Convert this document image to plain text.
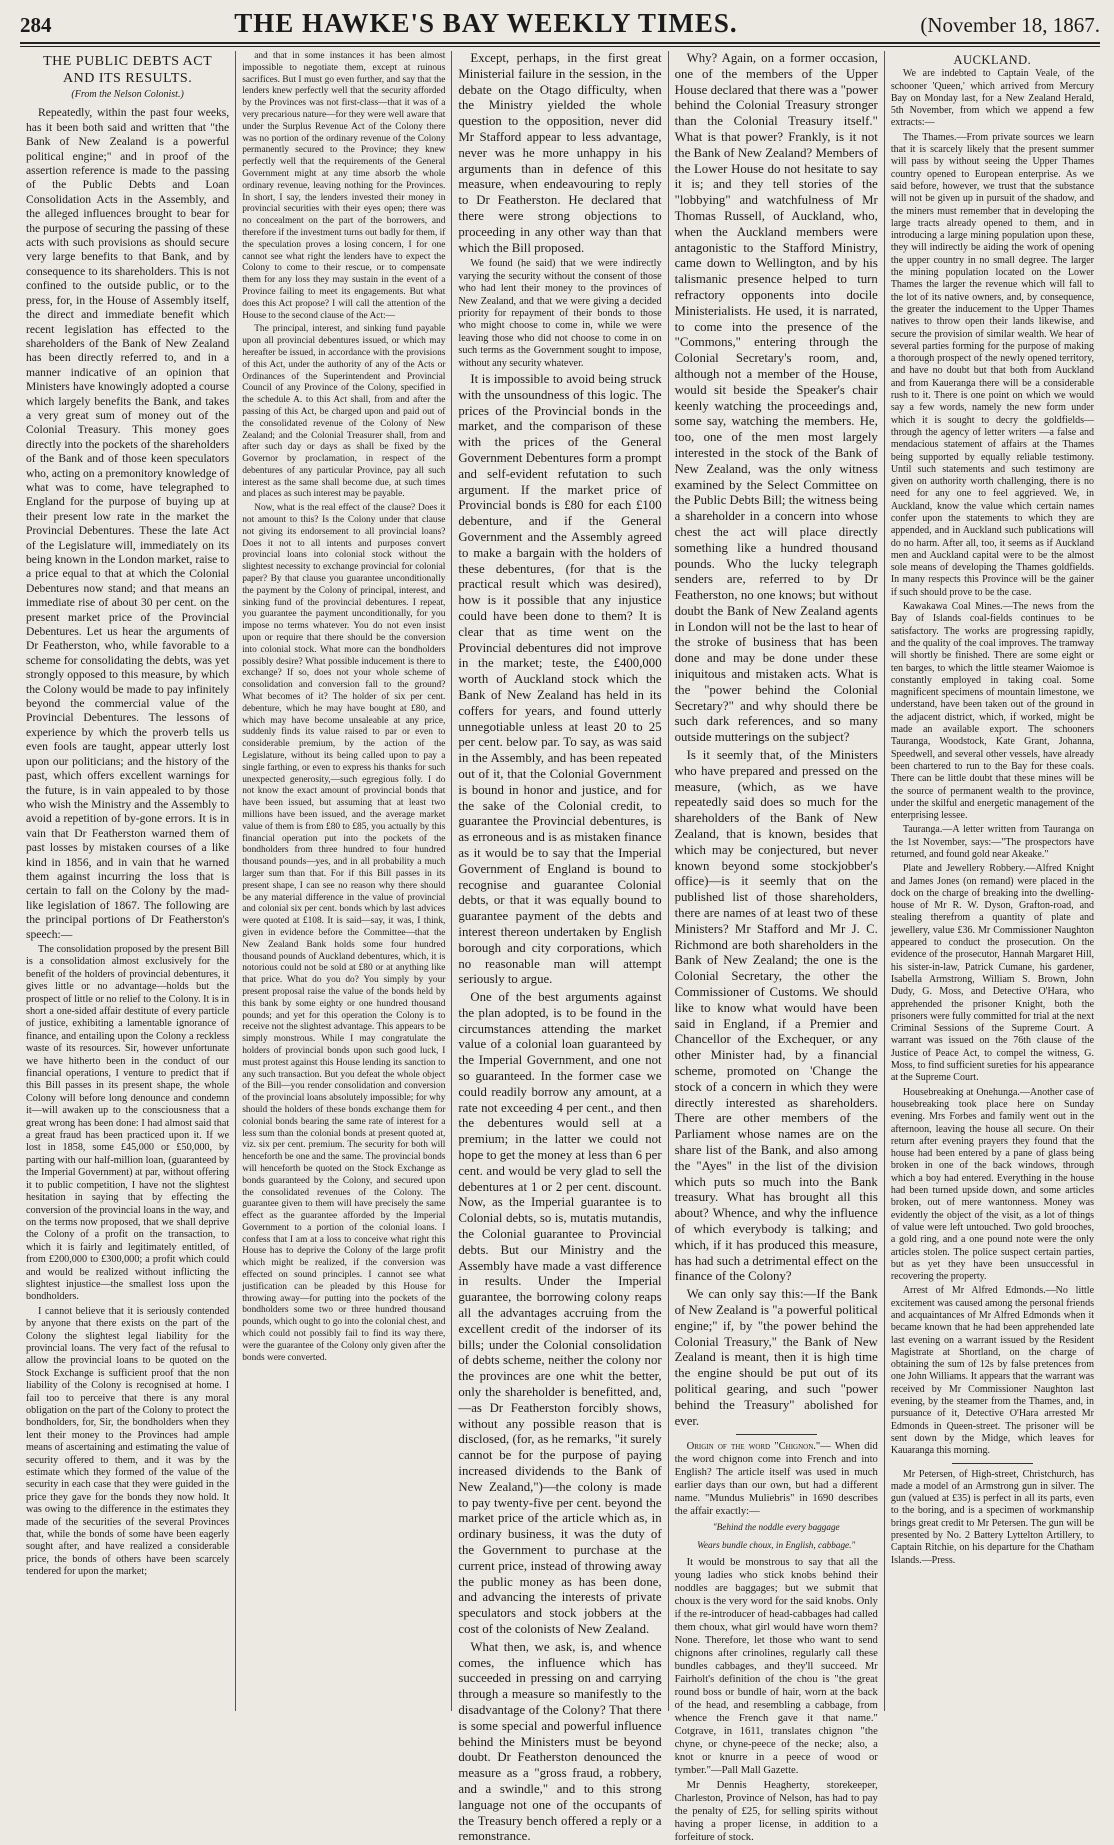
284	THE HAWKE'S BAY WEEKLY TIMES.	(November 18, 1867.
THE PUBLIC DEBTS ACT AND ITS RESULTS.
(From the Nelson Colonist.)

Repeatedly, within the past four weeks, has it been both said and written that "the Bank of New Zealand is a powerful political engine;" and in proof of the assertion reference is made to the passing of the Public Debts and Loan Consolidation Acts in the Assembly, and the alleged influences brought to bear for the purpose of securing the passing of these acts with such provisions as should secure very large benefits to that Bank, and by consequence to its shareholders. This is not confined to the outside public, or to the press, for, in the House of Assembly itself, the direct and immediate benefit which recent legislation has effected to the shareholders of the Bank of New Zealand has been directly referred to, and in a manner indicative of an opinion that Ministers have knowingly adopted a course which largely benefits the Bank, and takes a very great sum of money out of the Colonial Treasury. This money goes directly into the pockets of the shareholders of the Bank and of those keen speculators who, acting on a premonitory knowledge of what was to come, have telegraphed to England for the purpose of buying up at their present low rate in the market the Provincial Debentures. These the late Act of the Legislature will, immediately on its being known in the London market, raise to a price equal to that at which the Colonial Debentures now stand; and that means an immediate rise of about 30 per cent. on the present market price of the Provincial Debentures. Let us hear the arguments of Dr Featherston, who, while favorable to a scheme for consolidating the debts, was yet strongly opposed to this measure, by which the Colony would be made to pay infinitely beyond the commercial value of the Provincial Debentures. The lessons of experience by which the proverb tells us even fools are taught, appear utterly lost upon our politicians; and the history of the past, which offers excellent warnings for the future, is in vain appealed to by those who wish the Ministry and the Assembly to avoid a repetition of by-gone errors. It is in vain that Dr Featherston warned them of past losses by mistaken courses of a like kind in 1856, and in vain that he warned them against incurring the loss that is certain to fall on the Colony by the mad-like legislation of 1867. The following are the principal portions of Dr Featherston's speech:—

The consolidation proposed by the present Bill is a consolidation almost exclusively for the benefit of the holders of provincial debentures, it gives little or no advantage—holds but the prospect of little or no relief to the Colony. It is in short a one-sided affair destitute of every particle of justice, exhibiting a lamentable ignorance of finance, and entailing upon the Colony a reckless waste of its resources. Sir, however unfortunate we have hitherto been in the conduct of our financial operations, I venture to predict that if this Bill passes in its present shape, the whole Colony will before long denounce and condemn it—will awaken up to the consciousness that a great wrong has been done: I had almost said that a great fraud has been practiced upon it. If we lost in 1858, some £45,000 or £50,000, by parting with our half-million loan, (guaranteed by the Imperial Government) at par, without offering it to public competition, I have not the slightest hesitation in saying that by effecting the conversion of the provincial loans in the way, and on the terms now proposed, that we shall deprive the Colony of a profit on the transaction, to which it is fairly and legitimately entitled, of from £200,000 to £300,000; a profit which could and would be realized without inflicting the slightest injustice—the smallest loss upon the bondholders.

I cannot believe that it is seriously contended by anyone that there exists on the part of the Colony the slightest legal liability for the provincial loans. The very fact of the refusal to allow the provincial loans to be quoted on the Stock Exchange is sufficient proof that the non liability of the Colony is recognised at home. I fail too to perceive that there is any moral obligation on the part of the Colony to protect the bondholders, for, Sir, the bondholders when they lent their money to the Provinces had ample means of ascertaining and estimating the value of security offered to them, and it was by the estimate which they formed of the value of the security in each case that they were guided in the price they gave for the bonds they now hold. It was owing to the difference in the estimates they made of the securities of the several Provinces that, while the bonds of some have been eagerly sought after, and have realized a considerable price, the bonds of others have been scarcely tendered for upon the market;

and that in some instances it has been almost impossible to negotiate them, except at ruinous sacrifices. But I must go even further, and say that the lenders knew perfectly well that the security afforded by the Provinces was not first-class—that it was of a very precarious nature—for they were well aware that under the Surplus Revenue Act of the Colony there was no portion of the ordinary revenue of the Colony permanently secured to the Province; they knew perfectly well that the requirements of the General Government might at any time absorb the whole ordinary revenue, leaving nothing for the Provinces. In short, I say, the lenders invested their money in provincial securities with their eyes open; there was no concealment on the part of the borrowers, and therefore if the investment turns out badly for them, if the speculation proves a losing concern, I for one cannot see what right the lenders have to expect the Colony to come to their rescue, or to compensate them for any loss they may sustain in the event of a Province failing to meet its engagements. But what does this Act propose? I will call the attention of the House to the second clause of the Act:—

The principal, interest, and sinking fund payable upon all provincial debentures issued, or which may hereafter be issued, in accordance with the provisions of this Act, under the authority of any of the Acts or Ordinances of the Superintendent and Provincial Council of any Province of the Colony, specified in the schedule A. to this Act shall, from and after the passing of this Act, be charged upon and paid out of the consolidated revenue of the Colony of New Zealand; and the Colonial Treasurer shall, from and after such day or days as shall be fixed by the Governor by proclamation, in respect of the debentures of any particular Province, pay all such interest as the same shall become due, at such times and places as such interest may be payable.

Now, what is the real effect of the clause? Does it not amount to this? Is the Colony under that clause not giving its endorsement to all provincial loans? Does it not to all intents and purposes convert provincial loans into colonial stock without the slightest necessity to exchange provincial for colonial paper? By that clause you guarantee unconditionally the payment by the Colony of principal, interest, and sinking fund of the provincial debentures. I repeat, you guarantee the payment unconditionally, for you impose no terms whatever. You do not even insist upon or require that there should be the conversion into colonial stock. What more can the bondholders possibly desire? What possible inducement is there to exchange? If so, does not your whole scheme of consolidation and conversion fall to the ground? What becomes of it? The holder of six per cent. debenture, which he may have bought at £80, and which may have become unsaleable at any price, suddenly finds its value raised to par or even to considerable premium, by the action of the Legislature, without its being called upon to pay a single farthing, or even to express his thanks for such unexpected generosity,—such egregious folly. I do not know the exact amount of provincial bonds that have been issued, but assuming that at least two millions have been issued, and the average market value of them is from £80 to £85, you actually by this financial operation put into the pockets of the bondholders from three hundred to four hundred thousand pounds—yes, and in all probability a much larger sum than that. For if this Bill passes in its present shape, I can see no reason why there should be any material difference in the value of provincial and colonial six per cent. bonds which by last advices were quoted at £108. It is said—say, it was, I think, given in evidence before the Committee—that the New Zealand Bank holds some four hundred thousand pounds of Auckland debentures, which, it is notorious could not be sold at £80 or at anything like that price. What do you do? You simply by your present proposal raise the value of the bonds held by this bank by some eighty or one hundred thousand pounds; and yet for this operation the Colony is to receive not the slightest advantage. This appears to be simply monstrous. While I may congratulate the holders of provincial bonds upon such good luck, I must protest against this House lending its sanction to any such transaction. But you defeat the whole object of the Bill—you render consolidation and conversion of the provincial loans absolutely impossible; for why should the holders of these bonds exchange them for colonial bonds bearing the same rate of interest for a less sum than the colonial bonds at present quoted at, viz. six per cent. premium. The security for both will henceforth be one and the same. The provincial bonds will henceforth be quoted on the Stock Exchange as bonds guaranteed by the Colony, and secured upon the consolidated revenues of the Colony. The guarantee given to them will have precisely the same effect as the guarantee afforded by the Imperial Government to a portion of the colonial loans. I confess that I am at a loss to conceive what right this House has to deprive the Colony of the large profit which might be realized, if the conversion was effected on sound principles. I cannot see what justification can be pleaded by this House for throwing away—for putting into the pockets of the bondholders some two or three hundred thousand pounds, which ought to go into the colonial chest, and which could not possibly fail to find its way there, were the guarantee of the Colony only given after the bonds were converted.

Except, perhaps, in the first great Ministerial failure in the session, in the debate on the Otago difficulty, when the Ministry yielded the whole question to the opposition, never did Mr Stafford appear to less advantage, never was he more unhappy in his arguments than in defence of this measure, when endeavouring to reply to Dr Featherston. He declared that there were strong objections to proceeding in any other way than that which the Bill proposed.

We found (he said) that we were indirectly varying the security without the consent of those who had lent their money to the provinces of New Zealand, and that we were giving a decided priority for repayment of their bonds to those who might choose to come in, while we were leaving those who did not choose to come in on such terms as the Government sought to impose, without any security whatever.

It is impossible to avoid being struck with the unsoundness of this logic. The prices of the Provincial bonds in the market, and the comparison of these with the prices of the General Government Debentures form a prompt and self-evident refutation to such argument. If the market price of Provincial bonds is £80 for each £100 debenture, and if the General Government and the Assembly agreed to make a bargain with the holders of these debentures, (for that is the practical result which was desired), how is it possible that any injustice could have been done to them? It is clear that as time went on the Provincial debentures did not improve in the market; teste, the £400,000 worth of Auckland stock which the Bank of New Zealand has held in its coffers for years, and found utterly unnegotiable unless at least 20 to 25 per cent. below par. To say, as was said in the Assembly, and has been repeated out of it, that the Colonial Government is bound in honor and justice, and for the sake of the Colonial credit, to guarantee the Provincial debentures, is as erroneous and is as mistaken finance as it would be to say that the Imperial Government of England is bound to recognise and guarantee Colonial debts, or that it was equally bound to guarantee payment of the debts and interest thereon undertaken by English borough and city corporations, which no reasonable man will attempt seriously to argue.

One of the best arguments against the plan adopted, is to be found in the circumstances attending the market value of a colonial loan guaranteed by the Imperial Government, and one not so guaranteed. In the former case we could readily borrow any amount, at a rate not exceeding 4 per cent., and then the debentures would sell at a premium; in the latter we could not hope to get the money at less than 6 per cent. and would be very glad to sell the debentures at 1 or 2 per cent. discount. Now, as the Imperial guarantee is to Colonial debts, so is, mutatis mutandis, the Colonial guarantee to Provincial debts. But our Ministry and the Assembly have made a vast difference in results. Under the Imperial guarantee, the borrowing colony reaps all the advantages accruing from the excellent credit of the indorser of its bills; under the Colonial consolidation of debts scheme, neither the colony nor the provinces are one whit the better, only the shareholder is benefitted, and,—as Dr Featherston forcibly shows, without any possible reason that is disclosed, (for, as he remarks, "it surely cannot be for the purpose of paying increased dividends to the Bank of New Zealand,")—the colony is made to pay twenty-five per cent. beyond the market price of the article which as, in ordinary business, it was the duty of the Government to purchase at the current price, instead of throwing away the public money as has been done, and advancing the interests of private speculators and stock jobbers at the cost of the colonists of New Zealand.

What then, we ask, is, and whence comes, the influence which has succeeded in pressing on and carrying through a measure so manifestly to the disadvantage of the Colony? That there is some special and powerful influence behind the Ministers must be beyond doubt. Dr Featherston denounced the measure as a "gross fraud, a robbery, and a swindle," and to this strong language not one of the occupants of the Treasury bench offered a reply or a remonstrance.

Why? Again, on a former occasion, one of the members of the Upper House declared that there was a "power behind the Colonial Treasury stronger than the Colonial Treasury itself." What is that power? Frankly, is it not the Bank of New Zealand? Members of the Lower House do not hesitate to say it is; and they tell stories of the "lobbying" and watchfulness of Mr Thomas Russell, of Auckland, who, when the Auckland members were antagonistic to the Stafford Ministry, came down to Wellington, and by his talismanic presence helped to turn refractory opponents into docile Ministerialists. He used, it is narrated, to come into the presence of the "Commons," entering through the Colonial Secretary's room, and, although not a member of the House, would sit beside the Speaker's chair keenly watching the proceedings and, some say, watching the members. He, too, one of the men most largely interested in the stock of the Bank of New Zealand, was the only witness examined by the Select Committee on the Public Debts Bill; the witness being a shareholder in a concern into whose chest the act will place directly something like a hundred thousand pounds. Who the lucky telegraph senders are, referred to by Dr Featherston, no one knows; but without doubt the Bank of New Zealand agents in London will not be the last to hear of the stroke of business that has been done and may be done under these iniquitous and mistaken acts. What is the "power behind the Colonial Secretary?" and why should there be such dark references, and so many outside mutterings on the subject?

Is it seemly that, of the Ministers who have prepared and pressed on the measure, (which, as we have repeatedly said does so much for the shareholders of the Bank of New Zealand, that is known, besides that which may be conjectured, but never known beyond some stockjobber's office)—is it seemly that on the published list of those shareholders, there are names of at least two of these Ministers? Mr Stafford and Mr J. C. Richmond are both shareholders in the Bank of New Zealand; the one is the Colonial Secretary, the other the Commissioner of Customs. We should like to know what would have been said in England, if a Premier and Chancellor of the Exchequer, or any other Minister had, by a financial scheme, promoted on 'Change the stock of a concern in which they were directly interested as shareholders. There are other members of the Parliament whose names are on the share list of the Bank, and also among the "Ayes" in the list of the division which puts so much into the Bank treasury. What has brought all this about? Whence, and why the influence of which everybody is talking; and which, if it has produced this measure, has had such a detrimental effect on the finance of the Colony?

We can only say this:—If the Bank of New Zealand is "a powerful political engine;" if, by "the power behind the Colonial Treasury," the Bank of New Zealand is meant, then it is high time the engine should be put out of its political gearing, and such "power behind the Treasury" abolished for ever.

Origin of the word "Chignon."— When did the word chignon come into French and into English? The article itself was used in much earlier days than our own, but had a different name. "Mundus Muliebris" in 1690 describes the affair exactly:—

"Behind the noddle every baggage
Wears bundle choux, in English, cabbage."

It would be monstrous to say that all the young ladies who stick knobs behind their noddles are baggages; but we submit that choux is the very word for the said knobs. Only if the re-introducer of head-cabbages had called them choux, what girl would have worn them? None. Therefore, let those who want to send chignons after crinolines, regularly call these bundles cabbages, and they'll succeed. Mr Fairholt's definition of the chou is "the great round boss or bundle of hair, worn at the back of the head, and resembling a cabbage, from whence the French gave it that name." Cotgrave, in 1611, translates chignon "the chyne, or chyne-peece of the necke; also, a knot or knurre in a peece of wood or tymber."—Pall Mall Gazette.

Mr Dennis Heagherty, storekeeper, Charleston, Province of Nelson, has had to pay the penalty of £25, for selling spirits without having a proper license, in addition to a forfeiture of stock.

AUCKLAND.

We are indebted to Captain Veale, of the schooner 'Queen,' which arrived from Mercury Bay on Monday last, for a New Zealand Herald, 5th November, from which we append a few extracts:—

The Thames.—From private sources we learn that it is scarcely likely that the present summer will pass by without seeing the Upper Thames country opened to European enterprise. As we said before, however, we trust that the substance will not be given up in pursuit of the shadow, and the miners must remember that in developing the large tracts already opened to them, and in introducing a large mining population upon these, they will indirectly be aiding the work of opening the upper country in no small degree. The larger the mining population located on the Lower Thames the larger the revenue which will fall to the lot of its native owners, and, by consequence, the greater the inducement to the Upper Thames natives to throw open their lands likewise, and secure the provision of similar wealth. We hear of several parties forming for the purpose of making a thorough prospect of the newly opened territory, and have no doubt but that both from Auckland and from Kaueranga there will be a considerable rush to it. There is one point on which we would say a few words, namely the new form under which it is sought to decry the goldfields—through the agency of letter writers —a false and mendacious statement of affairs at the Thames being supported by equally reliable testimony. Until such statements and such testimony are given on authority worth challenging, there is no need for any one to feel aggrieved. We, in Auckland, know the value which certain names confer upon the statements to which they are appended, and in Auckland such publications will do no harm. After all, too, it seems as if Auckland men and Auckland capital were to be the almost sole means of developing the Thames goldfields. In many respects this Province will be the gainer if such should prove to be the case.

Kawakawa Coal Mines.—The news from the Bay of Islands coal-fields continues to be satisfactory. The works are progressing rapidly, and the quality of the coal improves. The tramway will shortly be finished. There are some eight or ten barges, to which the little steamer Waiomoe is constantly employed in taking coal. Some magnificent specimens of mountain limestone, we understand, have been taken out of the ground in the adjacent district, which, if worked, might be made an available export. The schooners Tauranga, Woodstock, Kate Grant, Johanna, Speedwell, and several other vessels, have already been chartered to run to the Bay for these coals. There can be little doubt that these mines will be the source of permanent wealth to the province, under the skilful and energetic management of the enterprising lessee.

Tauranga.—A letter written from Tauranga on the 1st November, says:—"The prospectors have returned, and found gold near Akeake."

Plate and Jewellery Robbery.—Alfred Knight and James Jones (on remand) were placed in the dock on the charge of breaking into the dwelling-house of Mr R. W. Dyson, Grafton-road, and stealing therefrom a quantity of plate and jewellery, value £36. Mr Commissioner Naughton appeared to conduct the prosecution. On the evidence of the prosecutor, Hannah Margaret Hill, his sister-in-law, Patrick Cumane, his gardener, Isabella Armstrong, William S. Brown, John Dudy, G. Moss, and Detective O'Hara, who apprehended the prisoner Knight, both the prisoners were fully committed for trial at the next Criminal Sessions of the Supreme Court. A warrant was issued on the 76th clause of the Justice of Peace Act, to compel the witness, G. Moss, to find sufficient sureties for his appearance at the Supreme Court.

Housebreaking at Onehunga.—Another case of housebreaking took place here on Sunday evening. Mrs Forbes and family went out in the afternoon, leaving the house all secure. On their return after evening prayers they found that the house had been entered by a pane of glass being broken in one of the back windows, through which a boy had entered. Everything in the house had been turned upside down, and some articles broken, out of mere wantonness. Money was evidently the object of the visit, as a lot of things of value were left untouched. Two gold brooches, a gold ring, and a one pound note were the only articles stolen. The police suspect certain parties, but as yet they have been unsuccessful in recovering the property.

Arrest of Mr Alfred Edmonds.—No little excitement was caused among the personal friends and acquaintances of Mr Alfred Edmonds when it became known that he had been apprehended late last evening on a warrant issued by the Resident Magistrate at Shortland, on the charge of obtaining the sum of 12s by false pretences from one John Williams. It appears that the warrant was received by Mr Commissioner Naughton last evening, by the steamer from the Thames, and, in pursuance of it, Detective O'Hara arrested Mr Edmonds in Queen-street. The prisoner will be sent down by the Midge, which leaves for Kauaranga this morning.

Mr Petersen, of High-street, Christchurch, has made a model of an Armstrong gun in silver. The gun (valued at £35) is perfect in all its parts, even to the boring, and is a specimen of workmanship brings great credit to Mr Petersen. The gun will be presented by No. 2 Battery Lyttelton Artillery, to Captain Ritchie, on his departure for the Chatham Islands.—Press.
